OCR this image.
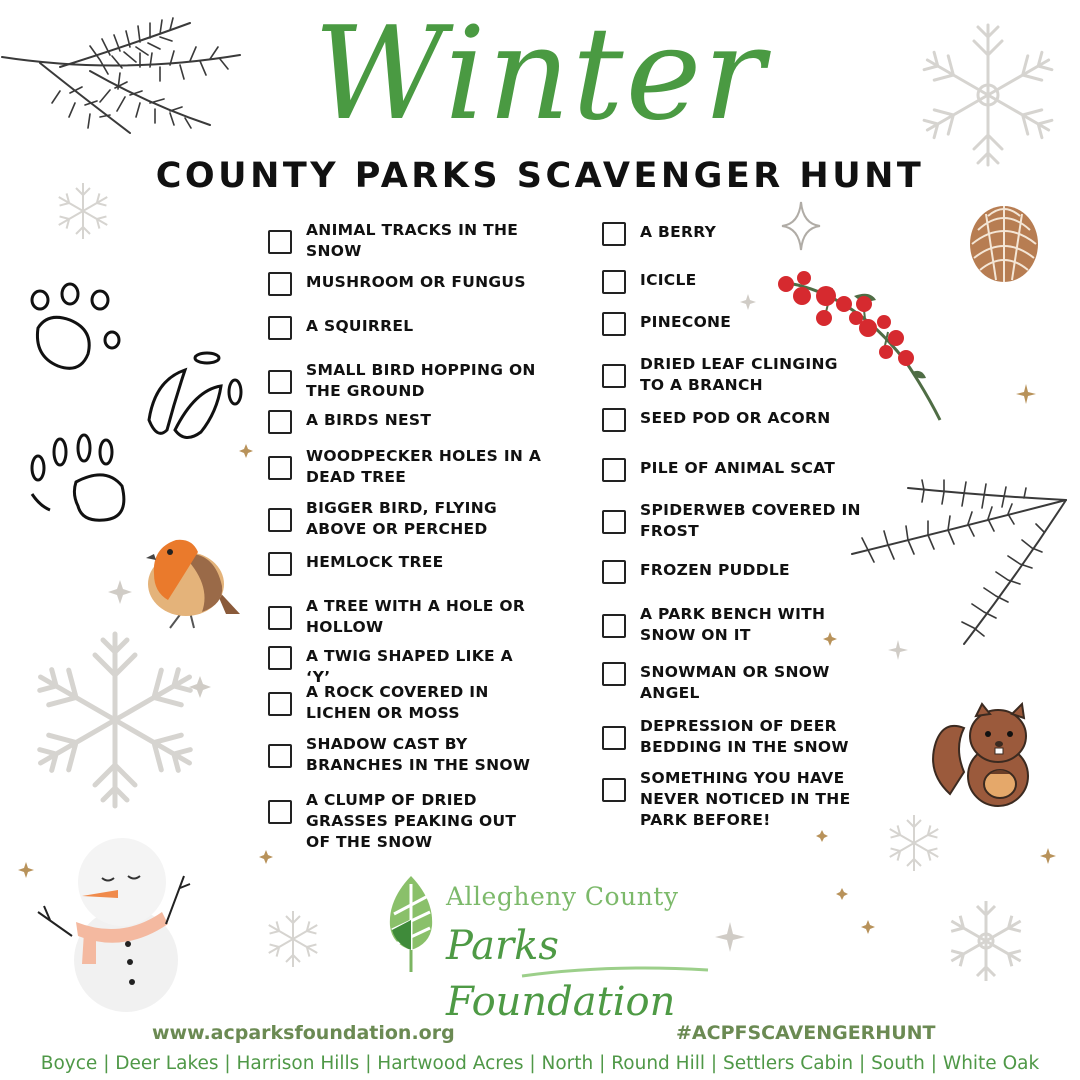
Winter
COUNTY PARKS SCAVENGER HUNT
ANIMAL TRACKS IN THE SNOW
MUSHROOM OR FUNGUS
A SQUIRREL
SMALL BIRD HOPPING ON THE GROUND
A BIRDS NEST
WOODPECKER HOLES IN A DEAD TREE
BIGGER BIRD, FLYING ABOVE OR PERCHED
HEMLOCK TREE
A TREE WITH A HOLE OR HOLLOW
A TWIG SHAPED LIKE A ‘Y’
A ROCK COVERED IN LICHEN OR MOSS
SHADOW CAST BY BRANCHES IN THE SNOW
A CLUMP OF DRIED GRASSES PEAKING OUT OF THE SNOW
A BERRY
ICICLE
PINECONE
DRIED LEAF CLINGING TO A BRANCH
SEED POD OR ACORN
PILE OF ANIMAL SCAT
SPIDERWEB COVERED IN FROST
FROZEN PUDDLE
A PARK BENCH WITH SNOW ON IT
SNOWMAN OR SNOW ANGEL
DEPRESSION OF DEER BEDDING IN THE SNOW
SOMETHING YOU HAVE NEVER NOTICED IN THE PARK BEFORE!
Allegheny County
Parks Foundation
www.acparksfoundation.org	#ACPFSCAVENGERHUNT
Boyce | Deer Lakes | Harrison Hills | Hartwood Acres | North | Round Hill | Settlers Cabin | South | White Oak
